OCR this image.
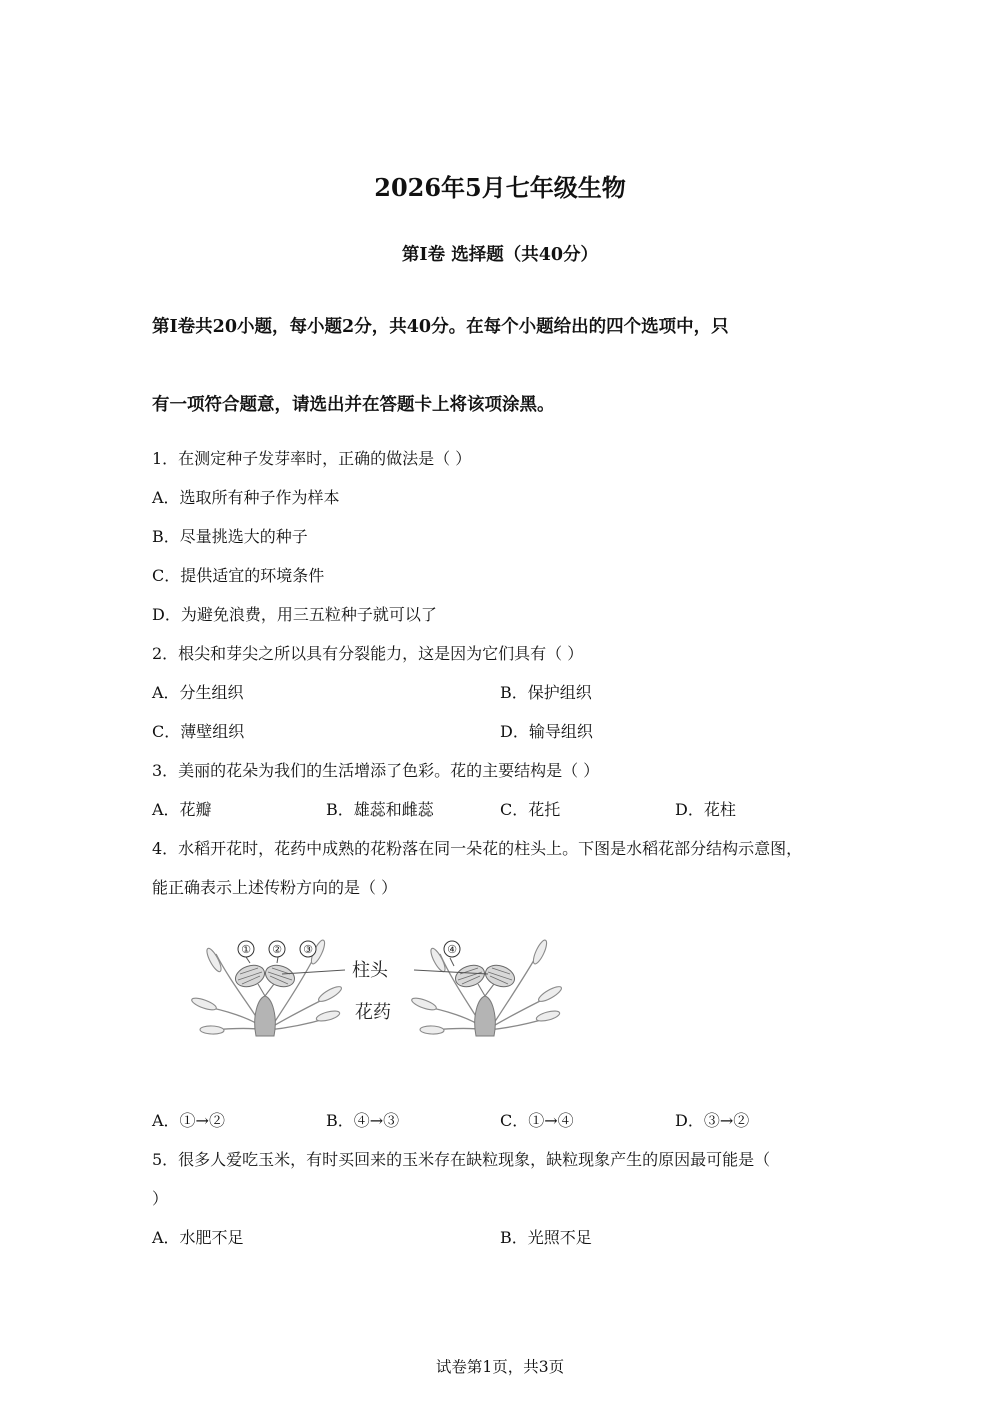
2026年5月七年级生物
第Ⅰ卷 选择题（共40分）
第Ⅰ卷共20小题，每小题2分，共40分。在每个小题给出的四个选项中，只
有一项符合题意，请选出并在答题卡上将该项涂黑。
1．在测定种子发芽率时，正确的做法是（ ）
A．选取所有种子作为样本
B．尽量挑选大的种子
C．提供适宜的环境条件
D．为避免浪费，用三五粒种子就可以了
2．根尖和芽尖之所以具有分裂能力，这是因为它们具有（ ）
A．分生组织	B．保护组织
C．薄壁组织	D．输导组织
3．美丽的花朵为我们的生活增添了色彩。花的主要结构是（ ）
A．花瓣	B．雄蕊和雌蕊	C．花托	D．花柱
4．水稻开花时，花药中成熟的花粉落在同一朵花的柱头上。下图是水稻花部分结构示意图，
能正确表示上述传粉方向的是（ ）
① ② ③	④
柱头
花药
A．①→②	B．④→③	C．①→④	D．③→②
5．很多人爱吃玉米，有时买回来的玉米存在缺粒现象，缺粒现象产生的原因最可能是（
）
A．水肥不足	B．光照不足
试卷第1页，共3页
